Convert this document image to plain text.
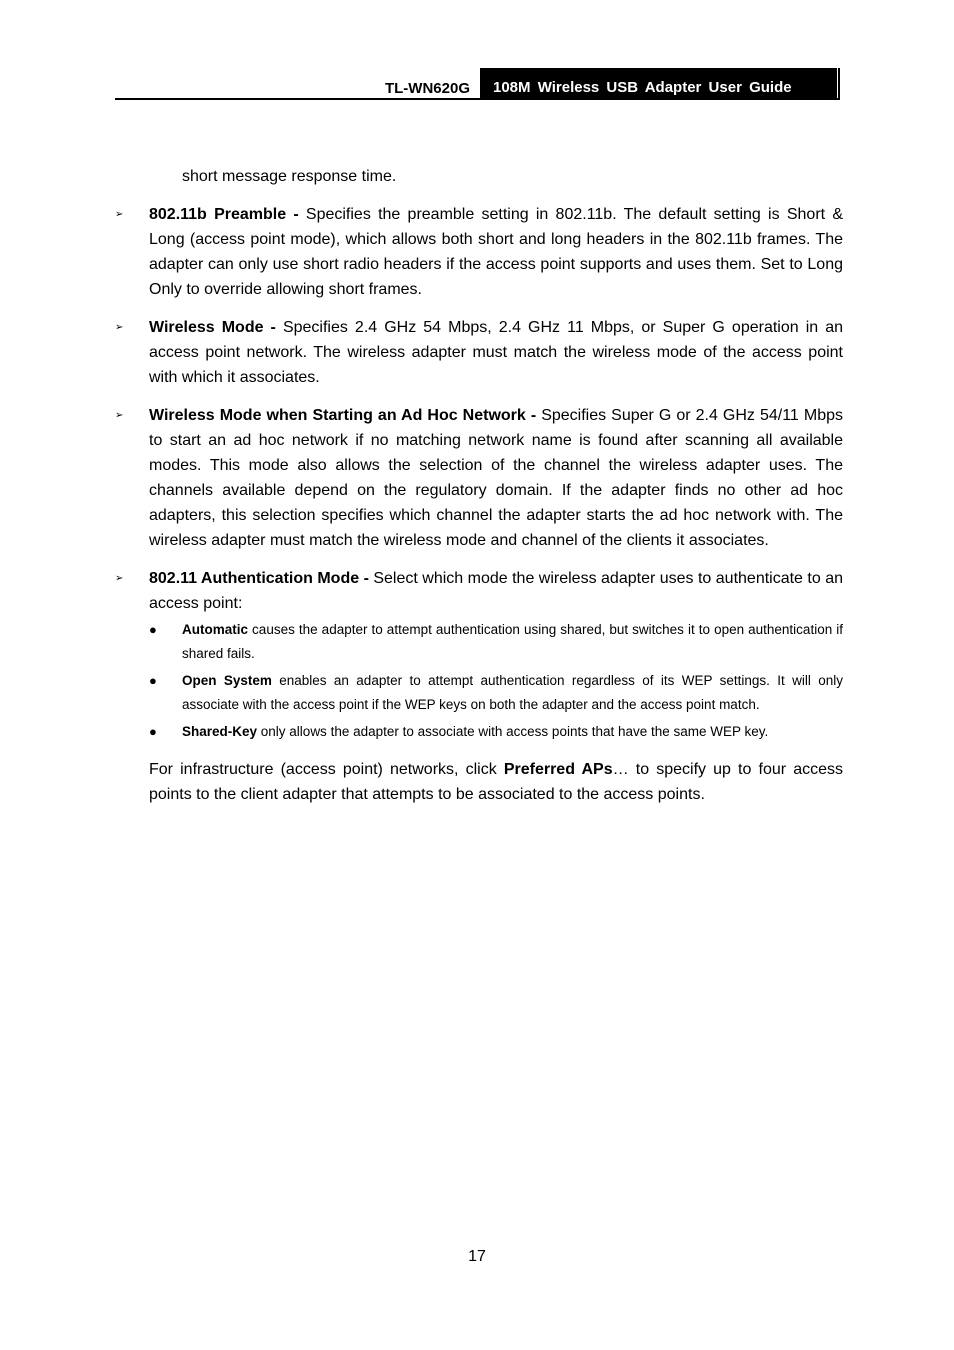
TL-WN620G	108M Wireless USB Adapter User Guide

short message response time.

➢ 802.11b Preamble - Specifies the preamble setting in 802.11b. The default setting is Short & Long (access point mode), which allows both short and long headers in the 802.11b frames. The adapter can only use short radio headers if the access point supports and uses them. Set to Long Only to override allowing short frames.
➢ Wireless Mode - Specifies 2.4 GHz 54 Mbps, 2.4 GHz 11 Mbps, or Super G operation in an access point network. The wireless adapter must match the wireless mode of the access point with which it associates.
➢ Wireless Mode when Starting an Ad Hoc Network - Specifies Super G or 2.4 GHz 54/11 Mbps to start an ad hoc network if no matching network name is found after scanning all available modes. This mode also allows the selection of the channel the wireless adapter uses. The channels available depend on the regulatory domain. If the adapter finds no other ad hoc adapters, this selection specifies which channel the adapter starts the ad hoc network with. The wireless adapter must match the wireless mode and channel of the clients it associates.
➢ 802.11 Authentication Mode - Select which mode the wireless adapter uses to authenticate to an access point:
● Automatic causes the adapter to attempt authentication using shared, but switches it to open authentication if shared fails.
● Open System enables an adapter to attempt authentication regardless of its WEP settings. It will only associate with the access point if the WEP keys on both the adapter and the access point match.
● Shared-Key only allows the adapter to associate with access points that have the same WEP key.

For infrastructure (access point) networks, click Preferred APs… to specify up to four access points to the client adapter that attempts to be associated to the access points.

17
